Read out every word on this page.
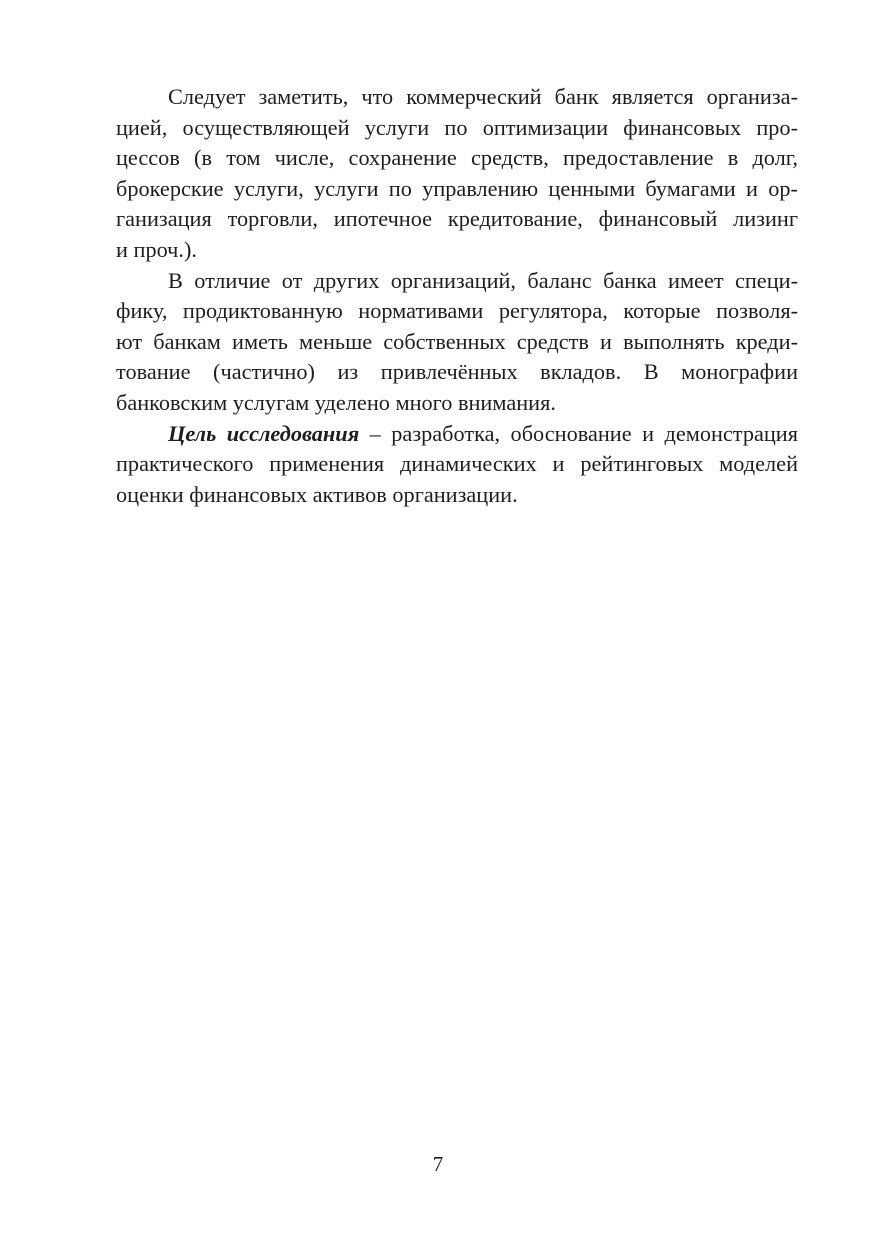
Следует заметить, что коммерческий банк является организа-
цией, осуществляющей услуги по оптимизации финансовых про-
цессов (в том числе, сохранение средств, предоставление в долг,
брокерские услуги, услуги по управлению ценными бумагами и ор-
ганизация торговли, ипотечное кредитование, финансовый лизинг
и проч.).
В отличие от других организаций, баланс банка имеет специ-
фику, продиктованную нормативами регулятора, которые позволя-
ют банкам иметь меньше собственных средств и выполнять креди-
тование (частично) из привлечённых вкладов. В монографии
банковским услугам уделено много внимания.
Цель исследования – разработка, обоснование и демонстрация
практического применения динамических и рейтинговых моделей
оценки финансовых активов организации.
7
